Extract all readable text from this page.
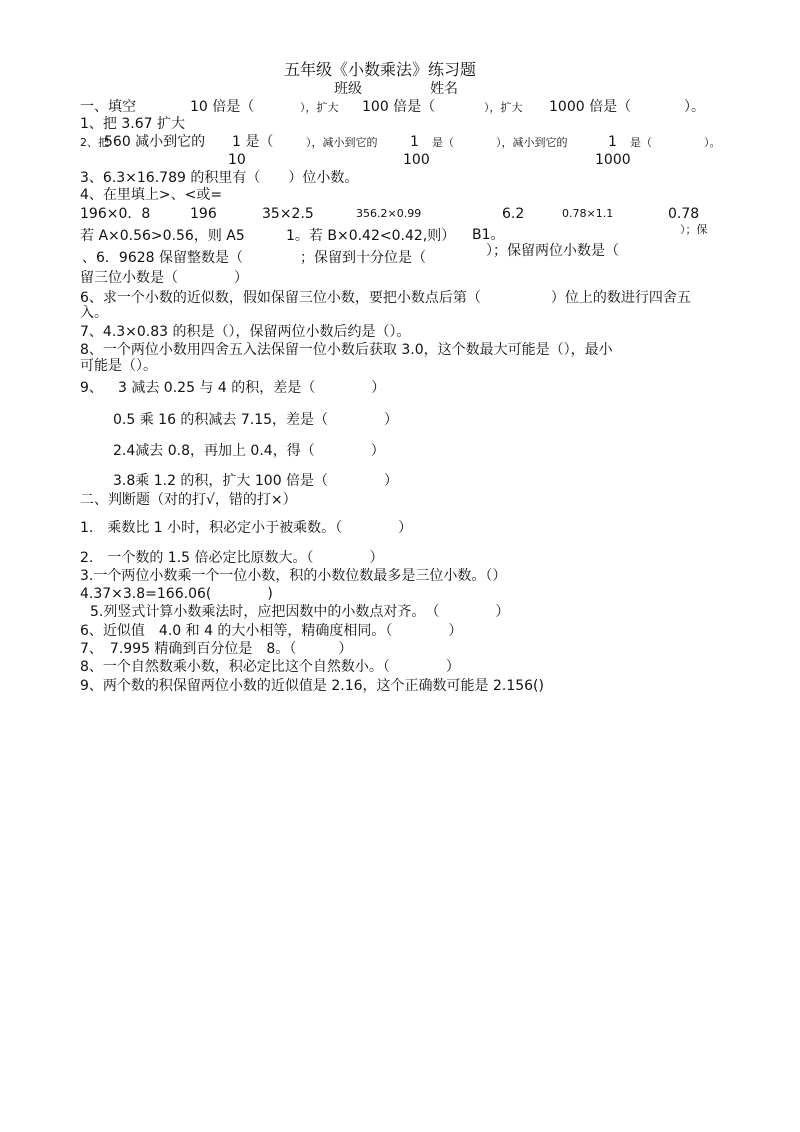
五年级《小数乘法》练习题
班级	姓名
一、填空	10 倍是（	），扩大 100 倍是（	），扩大 1000 倍是（	）。
1、把 3.67 扩大
2、把
560 减小到它的 1 是（	），减小到它的 1 是（	），减小到它的	1 是（	）。
10	100	1000
3、6.3×16.789 的积里有（　　）位小数。
4、在里填上>、<或=
196×0．8	196	35×2.5	356.2×0.99	6.2	0.78×1.1	0.78
若 A×0.56>0.56，则 A5	1。若 B×0.42<0.42,则） B1。	）；保
、6．9628 保留整数是（	；保留到十分位是（	）；保留两位小数是（
留三位小数是（　　　　）
6、求一个小数的近似数，假如保留三位小数，要把小数点后第（　　　　　）位上的数进行四舍五
入。
7、4.3×0.83 的积是（），保留两位小数后约是（）。
8、一个两位小数用四舍五入法保留一位小数后获取 3.0，这个数最大可能是（），最小
可能是（）。
9、 3 减去 0.25 与 4 的积，差是（　　　　）
0.5 乘 16 的积减去 7.15，差是（　　　　）
2.4减去 0.8，再加上 0.4，得（　　　　）
3.8乘 1.2 的积，扩大 100 倍是（　　　　）
二、判断题（对的打√，错的打×）
1.　乘数比 1 小时，积必定小于被乘数。（　　　　）
2.　一个数的 1.5 倍必定比原数大。（　　　　）
3.一个两位小数乘一个一位小数，积的小数位数最多是三位小数。（）
4.37×3.8=166.06(　　　　)
5.列竖式计算小数乘法时，应把因数中的小数点对齐。　（　　　　）
6、近似值　4.0 和 4 的大小相等，精确度相同。（　　　　）
7、　7.995 精确到百分位是　8。（　　　）
8、一个自然数乘小数，积必定比这个自然数小。（　　　　）
9、两个数的积保留两位小数的近似值是 2.16，这个正确数可能是 2.156()
